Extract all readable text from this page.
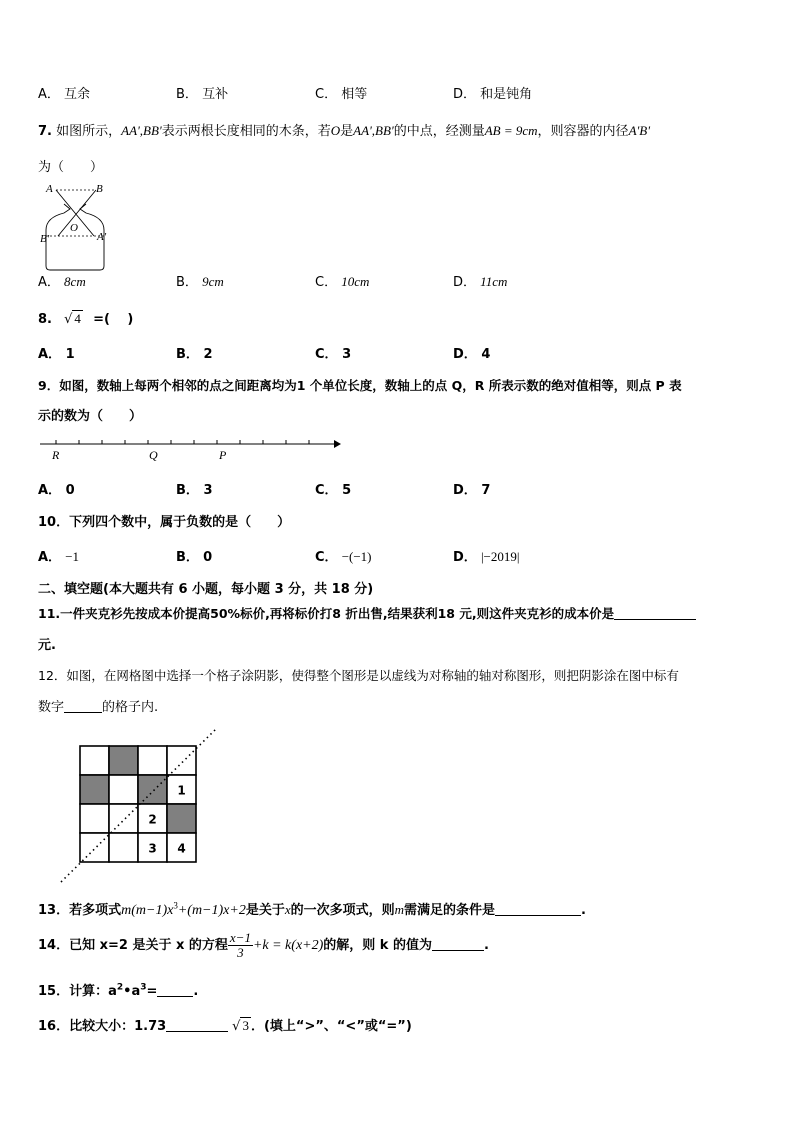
A． 互余	B． 互补	C． 相等	D． 和是钝角
7. 如图所示，AA',BB'表示两根长度相同的木条，若O是AA',BB'的中点，经测量AB = 9cm，则容器的内径A'B'
为（　　）
A	B
O
B'	A'
A． 8cm	B． 9cm	C． 10cm	D． 11cm
8. √ 4 =(　 )
A． 1	B． 2	C． 3	D． 4
9．如图，数轴上每两个相邻的点之间距离均为1 个单位长度，数轴上的点 Q，R 所表示数的绝对值相等，则点 P 表
示的数为（　　）
R	Q	P
A． 0	B． 3	C． 5	D． 7
10．下列四个数中，属于负数的是（　　）
A． −1	B． 0	C． −(−1)	D． |−2019|
二、填空题(本大题共有 6 小题，每小题 3 分，共 18 分)
11.一件夹克衫先按成本价提高50%标价,再将标价打8 折出售,结果获利18 元,则这件夹克衫的成本价是
元.
12．如图，在网格图中选择一个格子涂阴影，使得整个图形是以虚线为对称轴的轴对称图形，则把阴影涂在图中标有
数字	的格子内.
1
2
3 4
13．若多项式$m(m-1)x^3+(m-1)x+2$是关于x的一次多项式，则m需满足的条件是	.
14．已知 x=2 是关于 x 的方程 $\frac{x-1}{3} +k = k(x+2)$的解，则 k 的值为	.
15．计算：$a^2•a^3=$	.
16．比较大小：1.73	√ 3 ．(填上“>”、“<”或“=”)
